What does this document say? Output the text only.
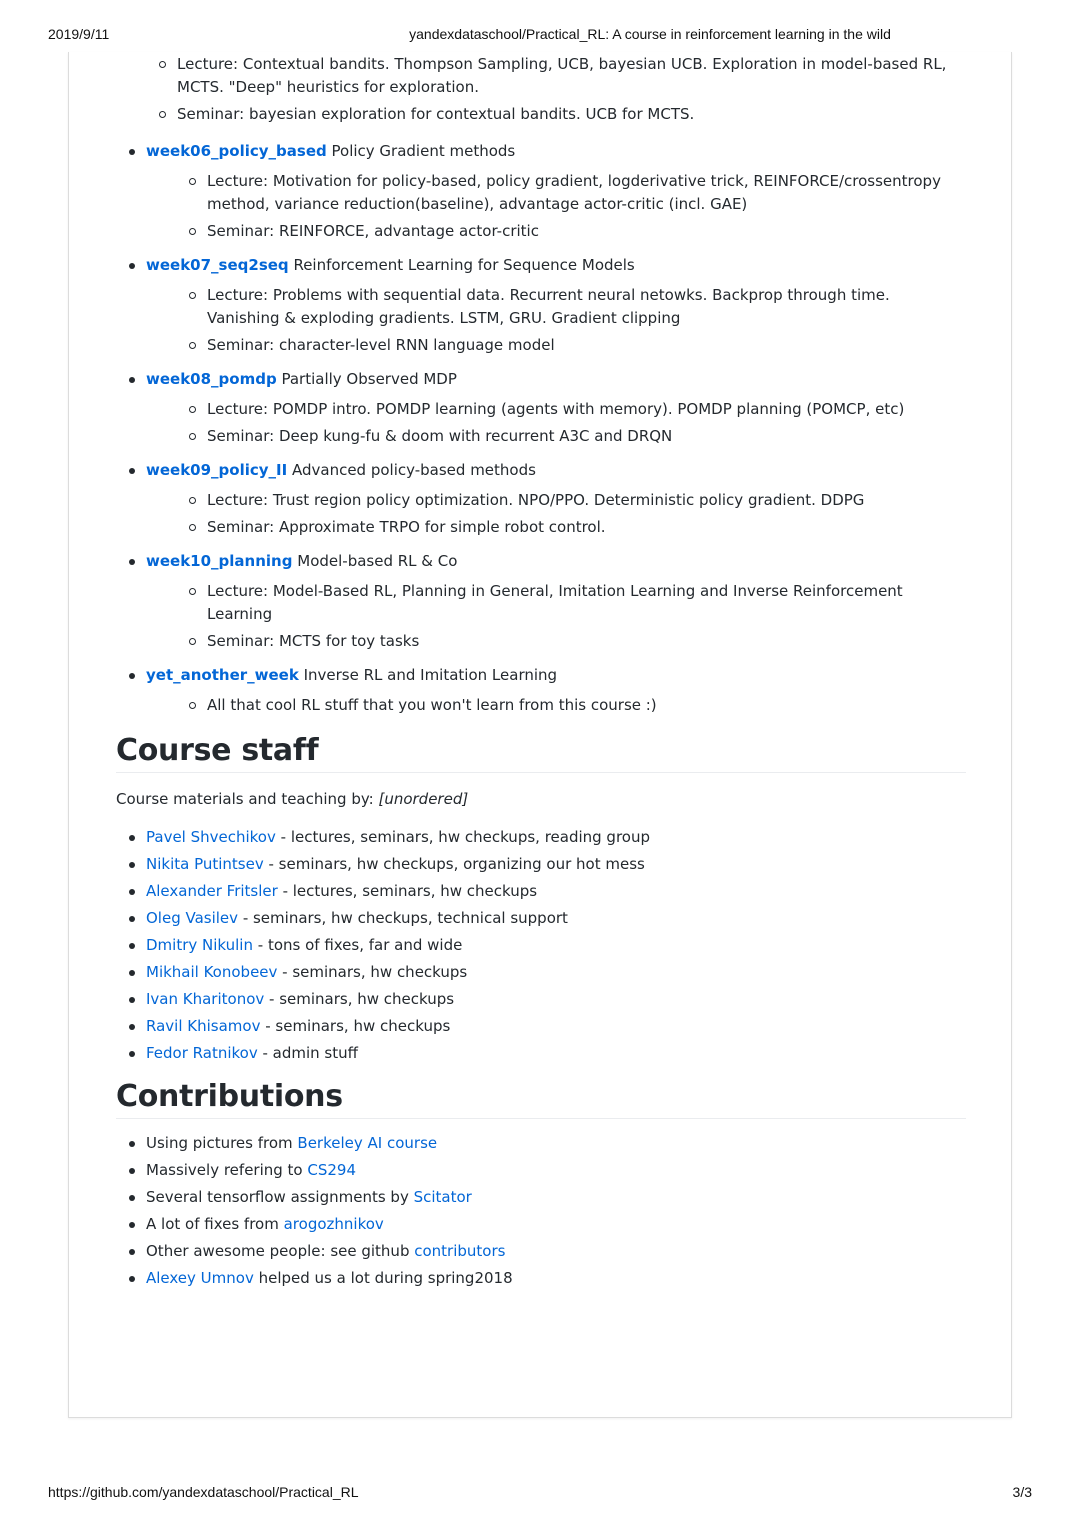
2019/9/11	yandexdataschool/Practical_RL: A course in reinforcement learning in the wild
Lecture: Contextual bandits. Thompson Sampling, UCB, bayesian UCB. Exploration in model-based RL, MCTS. "Deep" heuristics for exploration.
Seminar: bayesian exploration for contextual bandits. UCB for MCTS.
week06_policy_based Policy Gradient methods
Lecture: Motivation for policy-based, policy gradient, logderivative trick, REINFORCE/crossentropy method, variance reduction(baseline), advantage actor-critic (incl. GAE)
Seminar: REINFORCE, advantage actor-critic
week07_seq2seq Reinforcement Learning for Sequence Models
Lecture: Problems with sequential data. Recurrent neural netowks. Backprop through time. Vanishing & exploding gradients. LSTM, GRU. Gradient clipping
Seminar: character-level RNN language model
week08_pomdp Partially Observed MDP
Lecture: POMDP intro. POMDP learning (agents with memory). POMDP planning (POMCP, etc)
Seminar: Deep kung-fu & doom with recurrent A3C and DRQN
week09_policy_II Advanced policy-based methods
Lecture: Trust region policy optimization. NPO/PPO. Deterministic policy gradient. DDPG
Seminar: Approximate TRPO for simple robot control.
week10_planning Model-based RL & Co
Lecture: Model-Based RL, Planning in General, Imitation Learning and Inverse Reinforcement Learning
Seminar: MCTS for toy tasks
yet_another_week Inverse RL and Imitation Learning
All that cool RL stuff that you won't learn from this course :)
Course staff

Course materials and teaching by: [unordered]

Pavel Shvechikov - lectures, seminars, hw checkups, reading group
Nikita Putintsev - seminars, hw checkups, organizing our hot mess
Alexander Fritsler - lectures, seminars, hw checkups
Oleg Vasilev - seminars, hw checkups, technical support
Dmitry Nikulin - tons of fixes, far and wide
Mikhail Konobeev - seminars, hw checkups
Ivan Kharitonov - seminars, hw checkups
Ravil Khisamov - seminars, hw checkups
Fedor Ratnikov - admin stuff
Contributions
Using pictures from Berkeley AI course
Massively refering to CS294
Several tensorflow assignments by Scitator
A lot of fixes from arogozhnikov
Other awesome people: see github contributors
Alexey Umnov helped us a lot during spring2018
https://github.com/yandexdataschool/Practical_RL	3/3
